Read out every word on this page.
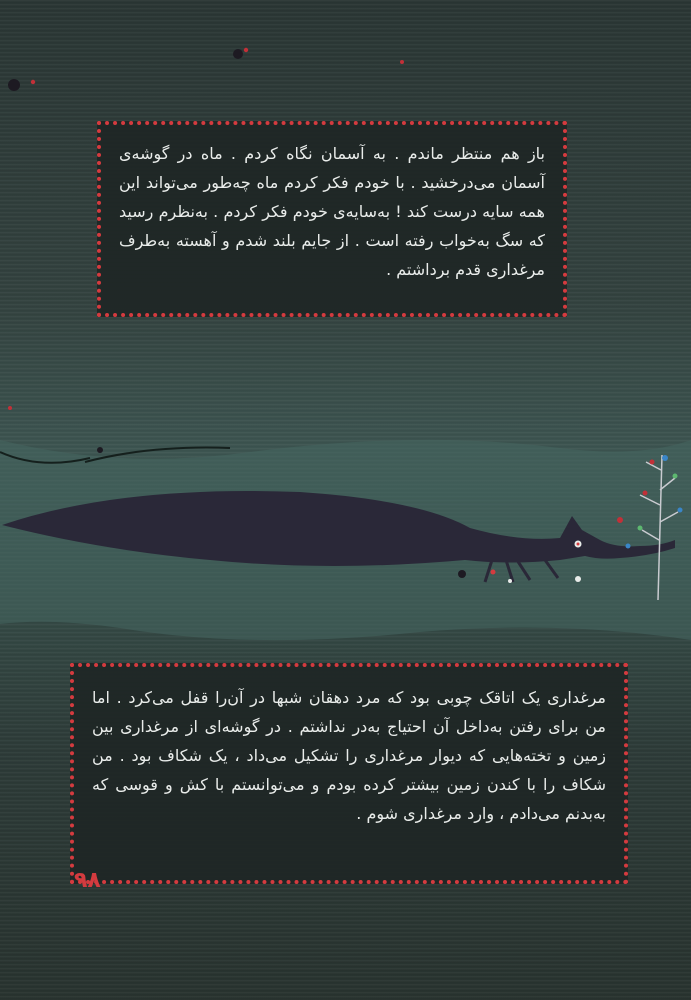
باز هم منتظر ماندم . به آسمان نگاه کردم . ماه در گوشه‌ی آسمان می‌درخشید . با خودم فکر کردم ماه چه‌طور می‌تواند این همه سایه درست کند ! به‌سایه‌ی خودم فکر کردم . به‌نظرم رسید که سگ به‌خواب رفته است . از جایم بلند شدم و آهسته به‌طرف مرغداری قدم برداشتم .

مرغداری یک اتاقک چوبی بود که مرد دهقان شبها در آن‌را قفل می‌کرد . اما من برای رفتن به‌داخل آن احتیاج به‌در نداشتم . در گوشه‌ای از مرغداری بین زمین و تخته‌هایی که دیوار مرغداری را تشکیل می‌داد ، یک شکاف بود . من شکاف را با کندن زمین بیشتر کرده بودم و می‌توانستم با کش و قوسی که به‌بدنم می‌دادم ، وارد مرغداری شوم .

۹۸
